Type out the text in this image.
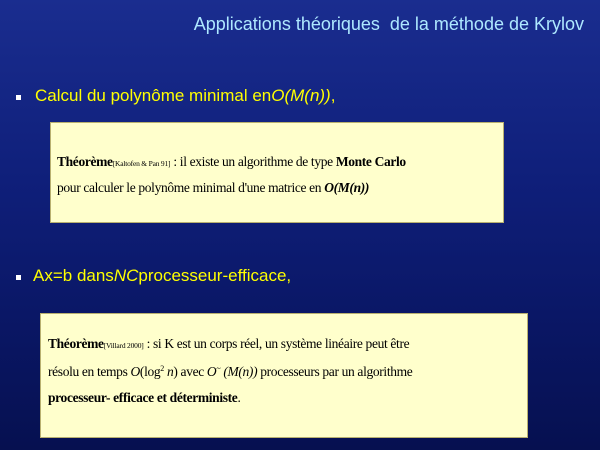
Applications théoriques  de la méthode de Krylov
Calcul du polynôme minimal en O(M(n)) ,
Théorème[Kaltofen & Pan 91] : il existe un algorithme de type Monte Carlo
pour calculer le polynôme minimal d'une matrice en O(M(n))
Ax=b dans NC processeur-efficace,
Théorème[Villard 2000] : si K est un corps réel, un système linéaire peut être
résolu en temps $O(\log^2$ n) avec O~ (M(n)) processeurs par un algorithme
processeur- efficace et déterministe.
